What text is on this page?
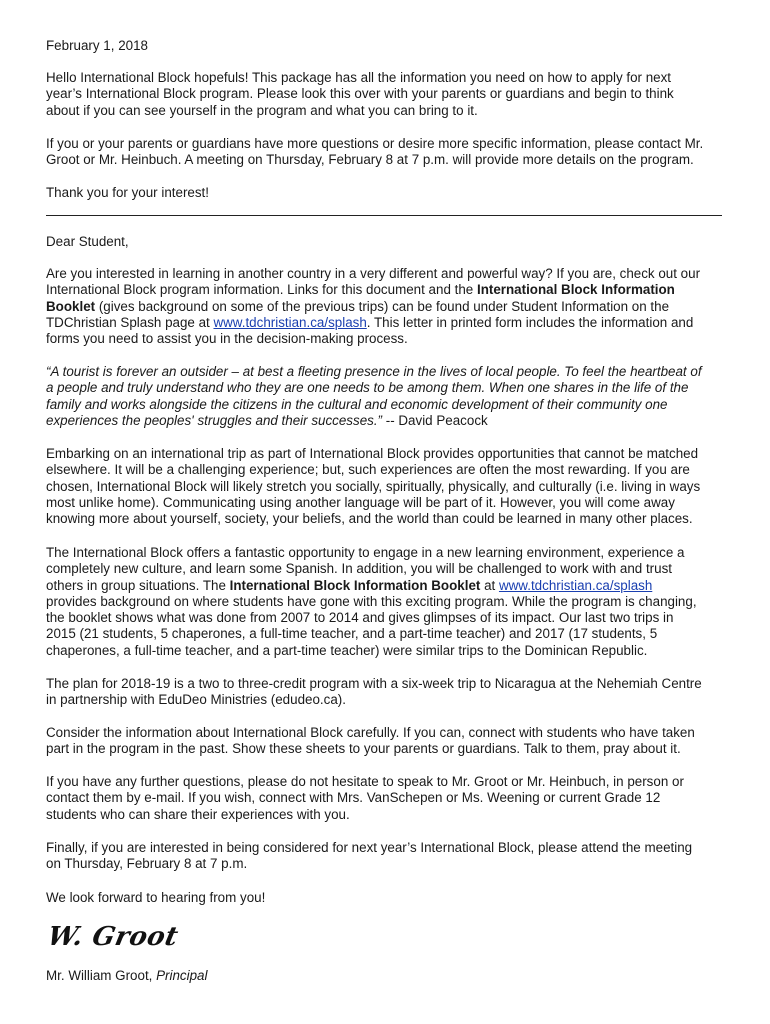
February 1, 2018

Hello International Block hopefuls! This package has all the information you need on how to apply for next
year’s International Block program. Please look this over with your parents or guardians and begin to think
about if you can see yourself in the program and what you can bring to it.

If you or your parents or guardians have more questions or desire more specific information, please contact Mr.
Groot or Mr. Heinbuch. A meeting on Thursday, February 8 at 7 p.m. will provide more details on the program.

Thank you for your interest!

Dear Student,

Are you interested in learning in another country in a very different and powerful way? If you are, check out our
International Block program information. Links for this document and the International Block Information
Booklet (gives background on some of the previous trips) can be found under Student Information on the
TDChristian Splash page at www.tdchristian.ca/splash. This letter in printed form includes the information and
forms you need to assist you in the decision-making process.

“A tourist is forever an outsider – at best a fleeting presence in the lives of local people. To feel the heartbeat of
a people and truly understand who they are one needs to be among them. When one shares in the life of the
family and works alongside the citizens in the cultural and economic development of their community one
experiences the peoples' struggles and their successes.” -- David Peacock

Embarking on an international trip as part of International Block provides opportunities that cannot be matched
elsewhere. It will be a challenging experience; but, such experiences are often the most rewarding. If you are
chosen, International Block will likely stretch you socially, spiritually, physically, and culturally (i.e. living in ways
most unlike home). Communicating using another language will be part of it. However, you will come away
knowing more about yourself, society, your beliefs, and the world than could be learned in many other places.

The International Block offers a fantastic opportunity to engage in a new learning environment, experience a
completely new culture, and learn some Spanish. In addition, you will be challenged to work with and trust
others in group situations. The International Block Information Booklet at www.tdchristian.ca/splash
provides background on where students have gone with this exciting program. While the program is changing,
the booklet shows what was done from 2007 to 2014 and gives glimpses of its impact. Our last two trips in
2015 (21 students, 5 chaperones, a full-time teacher, and a part-time teacher) and 2017 (17 students, 5
chaperones, a full-time teacher, and a part-time teacher) were similar trips to the Dominican Republic.

The plan for 2018-19 is a two to three-credit program with a six-week trip to Nicaragua at the Nehemiah Centre
in partnership with EduDeo Ministries (edudeo.ca).

Consider the information about International Block carefully. If you can, connect with students who have taken
part in the program in the past. Show these sheets to your parents or guardians. Talk to them, pray about it.

If you have any further questions, please do not hesitate to speak to Mr. Groot or Mr. Heinbuch, in person or
contact them by e-mail. If you wish, connect with Mrs. VanSchepen or Ms. Weening or current Grade 12
students who can share their experiences with you.

Finally, if you are interested in being considered for next year’s International Block, please attend the meeting
on Thursday, February 8 at 7 p.m.

We look forward to hearing from you!

W. Groot

Mr. William Groot, Principal
